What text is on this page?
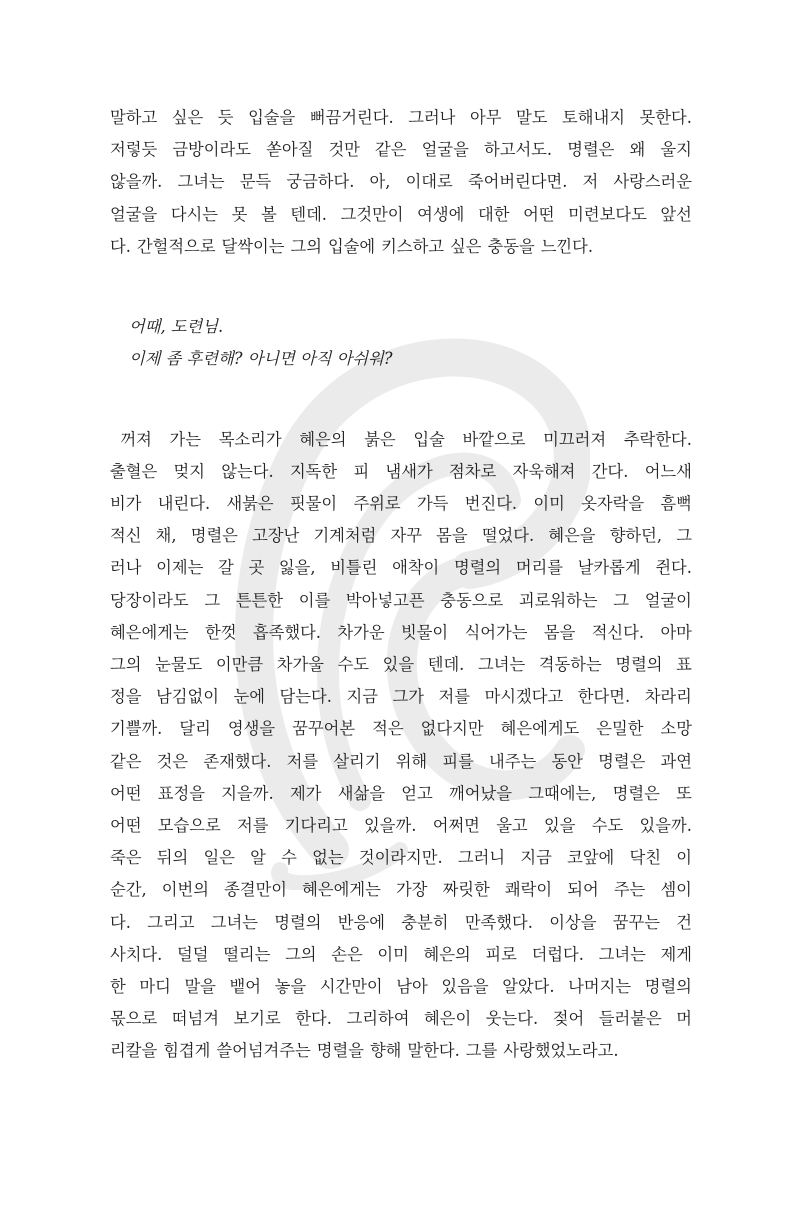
말하고 싶은 듯 입술을 뻐끔거린다. 그러나 아무 말도 토해내지 못한다.
저렇듯 금방이라도 쏟아질 것만 같은 얼굴을 하고서도. 명렬은 왜 울지
않을까. 그녀는 문득 궁금하다. 아, 이대로 죽어버린다면. 저 사랑스러운
얼굴을 다시는 못 볼 텐데. 그것만이 여생에 대한 어떤 미련보다도 앞선
다. 간헐적으로 달싹이는 그의 입술에 키스하고 싶은 충동을 느낀다.
어때, 도련님.
이제 좀 후련해? 아니면 아직 아쉬워?
꺼져 가는 목소리가 혜은의 붉은 입술 바깥으로 미끄러져 추락한다.
출혈은 멎지 않는다. 지독한 피 냄새가 점차로 자욱해져 간다. 어느새
비가 내린다. 새붉은 핏물이 주위로 가득 번진다. 이미 옷자락을 흠뻑
적신 채, 명렬은 고장난 기계처럼 자꾸 몸을 떨었다. 혜은을 향하던, 그
러나 이제는 갈 곳 잃을, 비틀린 애착이 명렬의 머리를 날카롭게 쥔다.
당장이라도 그 튼튼한 이를 박아넣고픈 충동으로 괴로워하는 그 얼굴이
혜은에게는 한껏 흡족했다. 차가운 빗물이 식어가는 몸을 적신다. 아마
그의 눈물도 이만큼 차가울 수도 있을 텐데. 그녀는 격동하는 명렬의 표
정을 남김없이 눈에 담는다. 지금 그가 저를 마시겠다고 한다면. 차라리
기쁠까. 달리 영생을 꿈꾸어본 적은 없다지만 혜은에게도 은밀한 소망
같은 것은 존재했다. 저를 살리기 위해 피를 내주는 동안 명렬은 과연
어떤 표정을 지을까. 제가 새삶을 얻고 깨어났을 그때에는, 명렬은 또
어떤 모습으로 저를 기다리고 있을까. 어쩌면 울고 있을 수도 있을까.
죽은 뒤의 일은 알 수 없는 것이라지만. 그러니 지금 코앞에 닥친 이
순간, 이번의 종결만이 혜은에게는 가장 짜릿한 쾌락이 되어 주는 셈이
다. 그리고 그녀는 명렬의 반응에 충분히 만족했다. 이상을 꿈꾸는 건
사치다. 덜덜 떨리는 그의 손은 이미 혜은의 피로 더럽다. 그녀는 제게
한 마디 말을 뱉어 놓을 시간만이 남아 있음을 알았다. 나머지는 명렬의
몫으로 떠넘겨 보기로 한다. 그리하여 혜은이 웃는다. 젖어 들러붙은 머
리칼을 힘겹게 쓸어넘겨주는 명렬을 향해 말한다. 그를 사랑했었노라고.
